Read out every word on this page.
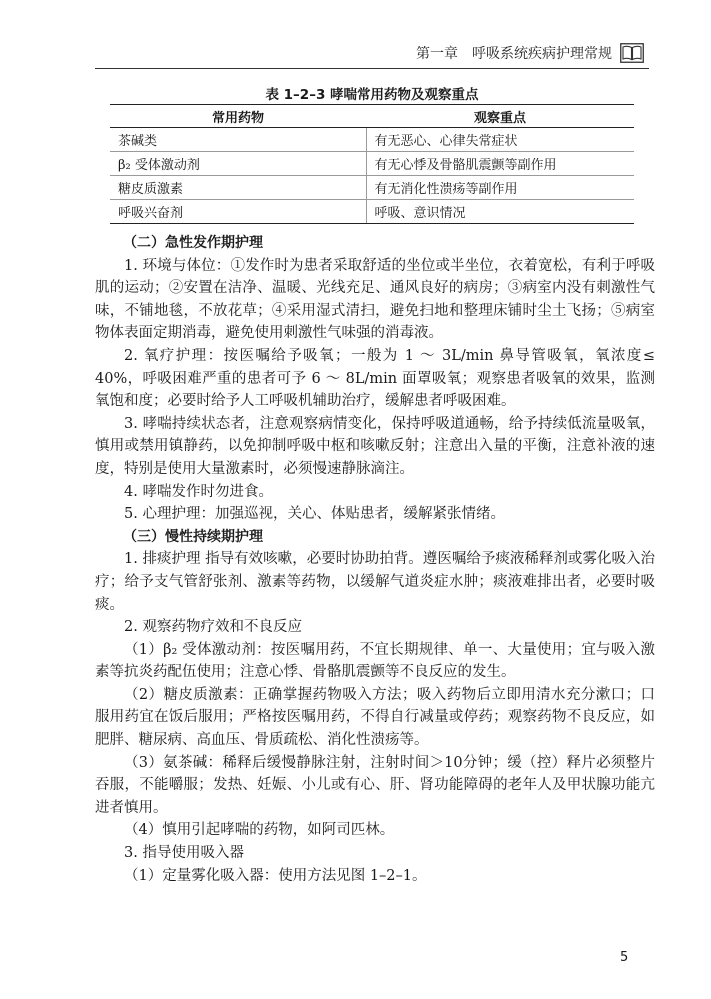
第一章 呼吸系统疾病护理常规
表 1–2–3 哮喘常用药物及观察重点
常用药物	观察重点
茶碱类	有无恶心、心律失常症状
β₂ 受体激动剂	有无心悸及骨骼肌震颤等副作用
糖皮质激素	有无消化性溃疡等副作用
呼吸兴奋剂	呼吸、意识情况

（二）急性发作期护理

1. 环境与体位：①发作时为患者采取舒适的坐位或半坐位，衣着宽松，有利于呼吸肌的运动；②安置在洁净、温暖、光线充足、通风良好的病房；③病室内没有刺激性气味，不铺地毯，不放花草；④采用湿式清扫，避免扫地和整理床铺时尘土飞扬；⑤病室物体表面定期消毒，避免使用刺激性气味强的消毒液。

2. 氧疗护理：按医嘱给予吸氧；一般为 1 ～ 3L/min 鼻导管吸氧，氧浓度≤ 40%，呼吸困难严重的患者可予 6 ～ 8L/min 面罩吸氧；观察患者吸氧的效果，监测氧饱和度；必要时给予人工呼吸机辅助治疗，缓解患者呼吸困难。

3. 哮喘持续状态者，注意观察病情变化，保持呼吸道通畅，给予持续低流量吸氧，慎用或禁用镇静药，以免抑制呼吸中枢和咳嗽反射；注意出入量的平衡，注意补液的速度，特别是使用大量激素时，必须慢速静脉滴注。

4. 哮喘发作时勿进食。

5. 心理护理：加强巡视，关心、体贴患者，缓解紧张情绪。

（三）慢性持续期护理

1. 排痰护理 指导有效咳嗽，必要时协助拍背。遵医嘱给予痰液稀释剂或雾化吸入治疗；给予支气管舒张剂、激素等药物，以缓解气道炎症水肿；痰液难排出者，必要时吸痰。

2. 观察药物疗效和不良反应

（1）β₂ 受体激动剂：按医嘱用药，不宜长期规律、单一、大量使用；宜与吸入激素等抗炎药配伍使用；注意心悸、骨骼肌震颤等不良反应的发生。

（2）糖皮质激素：正确掌握药物吸入方法；吸入药物后立即用清水充分漱口；口服用药宜在饭后服用；严格按医嘱用药，不得自行减量或停药；观察药物不良反应，如肥胖、糖尿病、高血压、骨质疏松、消化性溃疡等。

（3）氨茶碱：稀释后缓慢静脉注射，注射时间＞10分钟；缓（控）释片必须整片吞服，不能嚼服；发热、妊娠、小儿或有心、肝、肾功能障碍的老年人及甲状腺功能亢进者慎用。

（4）慎用引起哮喘的药物，如阿司匹林。

3. 指导使用吸入器

（1）定量雾化吸入器：使用方法见图 1–2–1。

5
